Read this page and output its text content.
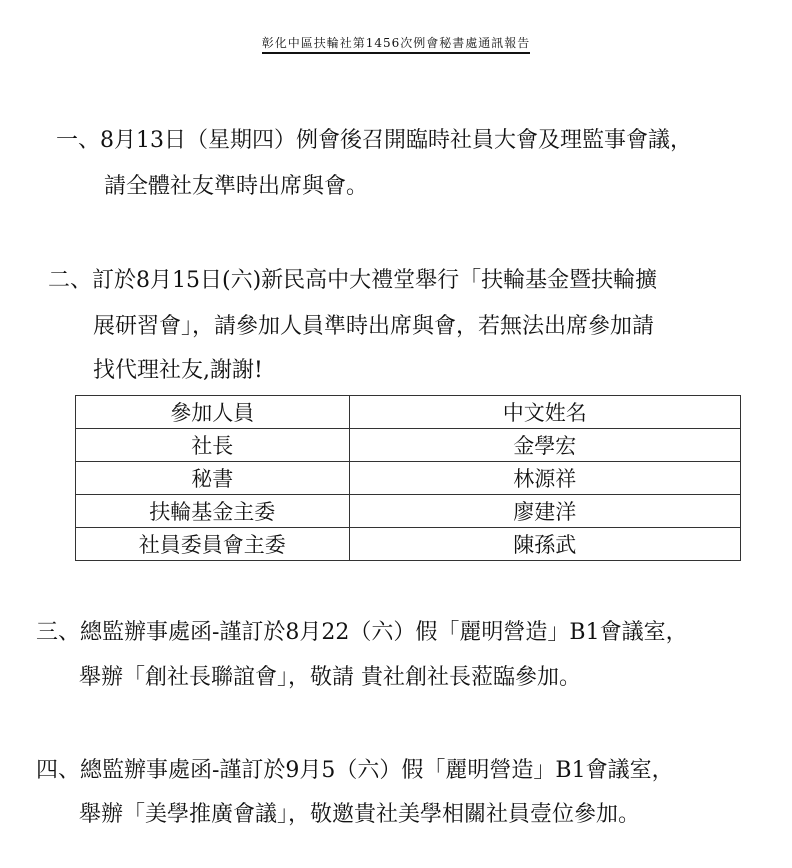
彰化中區扶輪社第1456次例會秘書處通訊報告
一、8月13日（星期四）例會後召開臨時社員大會及理監事會議，
請全體社友準時出席與會。
二、訂於8月15日(六)新民高中大禮堂舉行「扶輪基金暨扶輪擴
展研習會」，請參加人員準時出席與會，若無法出席參加請
找代理社友,謝謝!
參加人員	中文姓名
社長	金學宏
秘書	林源祥
扶輪基金主委	廖建洋
社員委員會主委	陳孫武
三、總監辦事處函-謹訂於8月22（六）假「麗明營造」B1會議室，
舉辦「創社長聯誼會」，敬請 貴社創社長蒞臨參加。
四、總監辦事處函-謹訂於9月5（六）假「麗明營造」B1會議室，
舉辦「美學推廣會議」，敬邀貴社美學相關社員壹位參加。
